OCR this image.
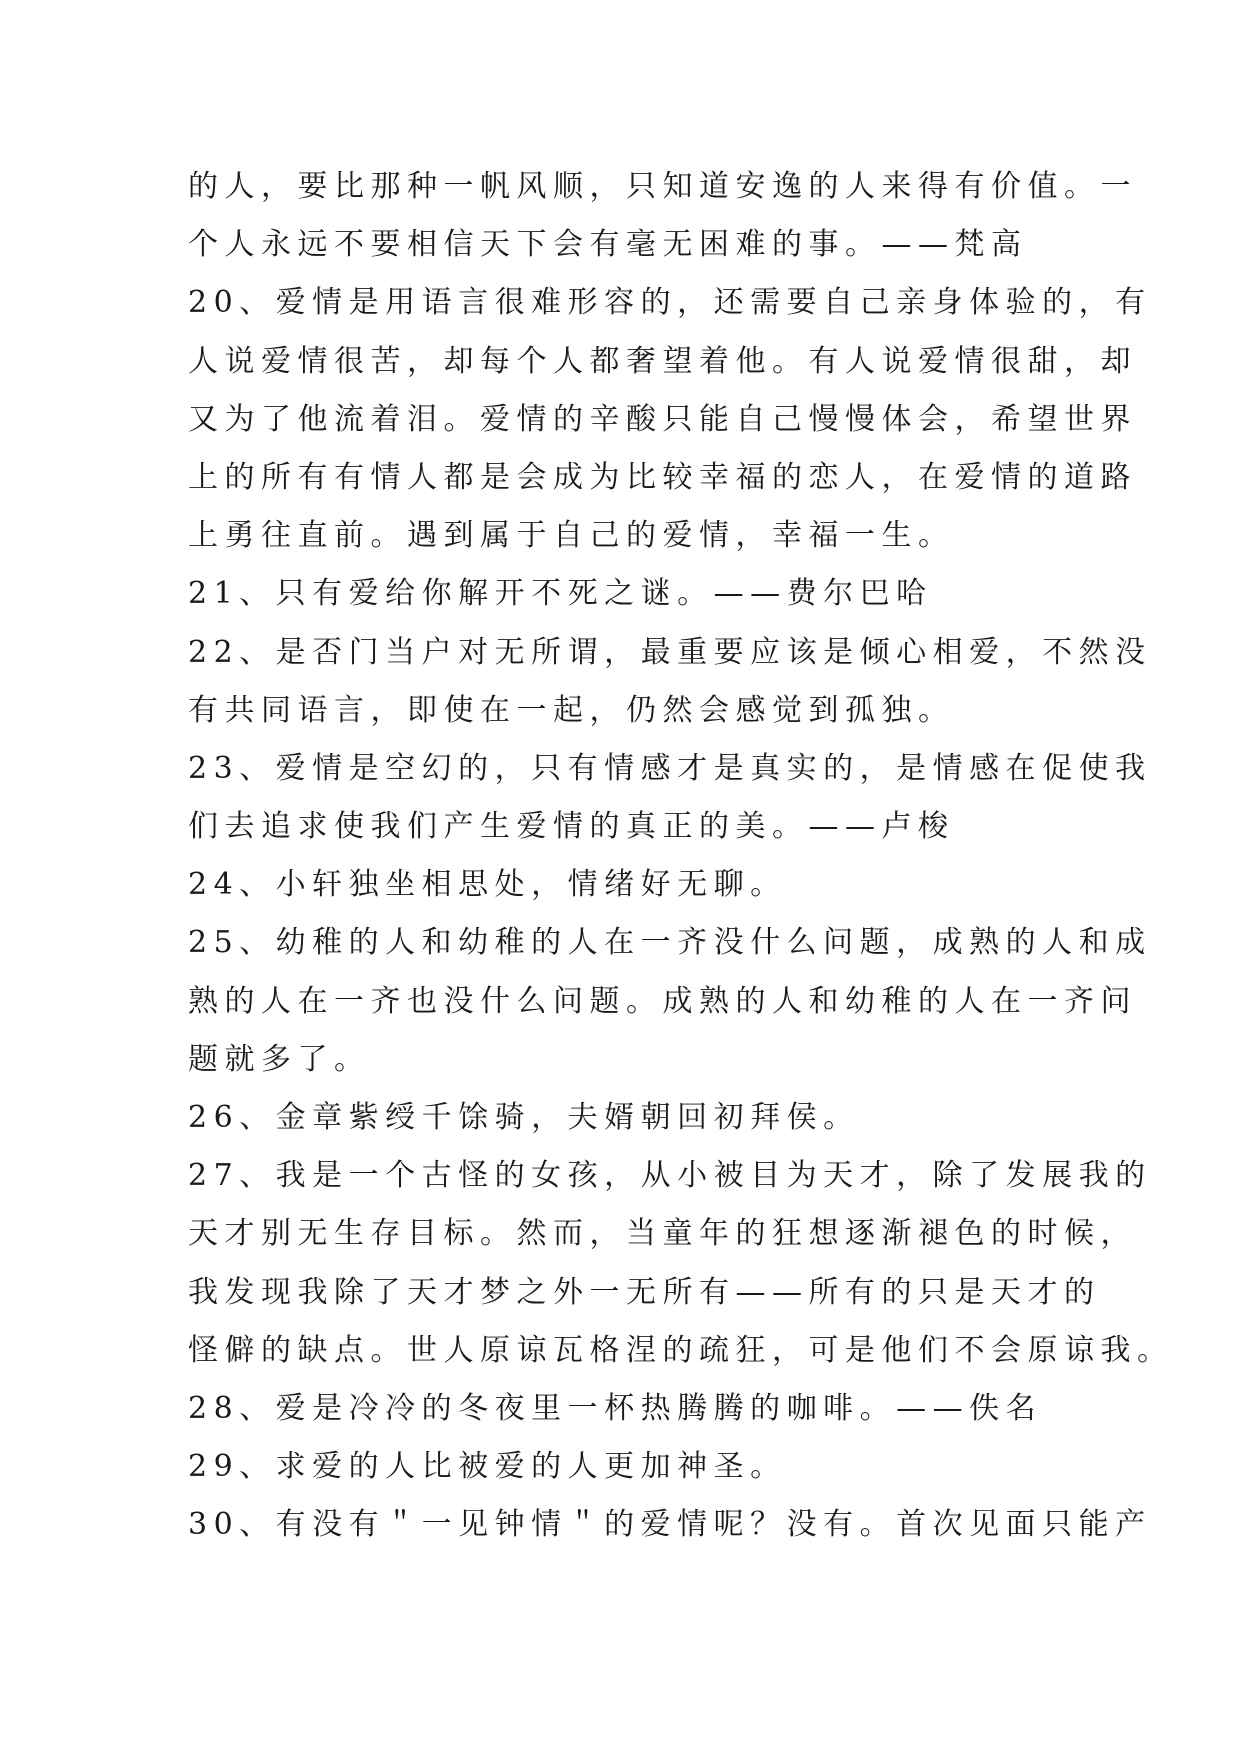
的人，要比那种一帆风顺，只知道安逸的人来得有价值。一
个人永远不要相信天下会有毫无困难的事。——梵高
20、爱情是用语言很难形容的，还需要自己亲身体验的，有
人说爱情很苦，却每个人都奢望着他。有人说爱情很甜，却
又为了他流着泪。爱情的辛酸只能自己慢慢体会，希望世界
上的所有有情人都是会成为比较幸福的恋人，在爱情的道路
上勇往直前。遇到属于自己的爱情，幸福一生。
21、只有爱给你解开不死之谜。——费尔巴哈
22、是否门当户对无所谓，最重要应该是倾心相爱，不然没
有共同语言，即使在一起，仍然会感觉到孤独。
23、爱情是空幻的，只有情感才是真实的，是情感在促使我
们去追求使我们产生爱情的真正的美。——卢梭
24、小轩独坐相思处，情绪好无聊。
25、幼稚的人和幼稚的人在一齐没什么问题，成熟的人和成
熟的人在一齐也没什么问题。成熟的人和幼稚的人在一齐问
题就多了。
26、金章紫绶千馀骑，夫婿朝回初拜侯。
27、我是一个古怪的女孩，从小被目为天才，除了发展我的
天才别无生存目标。然而，当童年的狂想逐渐褪色的时候，
我发现我除了天才梦之外一无所有——所有的只是天才的
怪僻的缺点。世人原谅瓦格涅的疏狂，可是他们不会原谅我。
28、爱是冷冷的冬夜里一杯热腾腾的咖啡。——佚名
29、求爱的人比被爱的人更加神圣。
30、有没有＂一见钟情＂的爱情呢？没有。首次见面只能产
